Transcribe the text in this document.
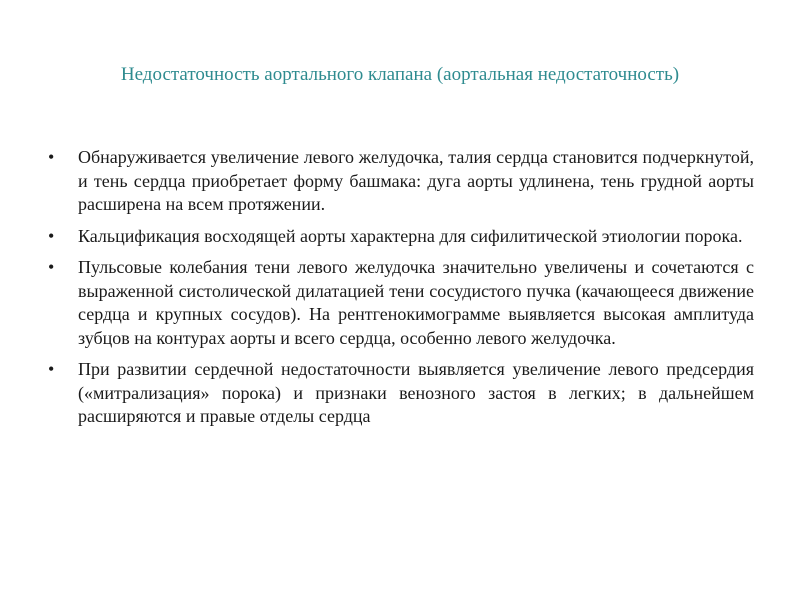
Недостаточность аортального клапана (аортальная недостаточность)
•	Обнаруживается увеличение левого желудочка, талия сердца становится подчеркнутой, и тень сердца приобретает форму башмака: дуга аорты удлинена, тень грудной аорты расширена на всем протяжении.
•	Кальцификация восходящей аорты характерна для сифилитической этиологии порока.
•	Пульсовые колебания тени левого желудочка значительно увеличены и сочетаются с выраженной систолической дилатацией тени сосудистого пучка (качающееся движение сердца и крупных сосудов). На рентгенокимограмме выявляется высокая амплитуда зубцов на контурах аорты и всего сердца, особенно левого желудочка.
•	При развитии сердечной недостаточности выявляется увеличение левого предсердия («митрализация» порока) и признаки венозного застоя в легких; в дальнейшем расширяются и правые отделы сердца
